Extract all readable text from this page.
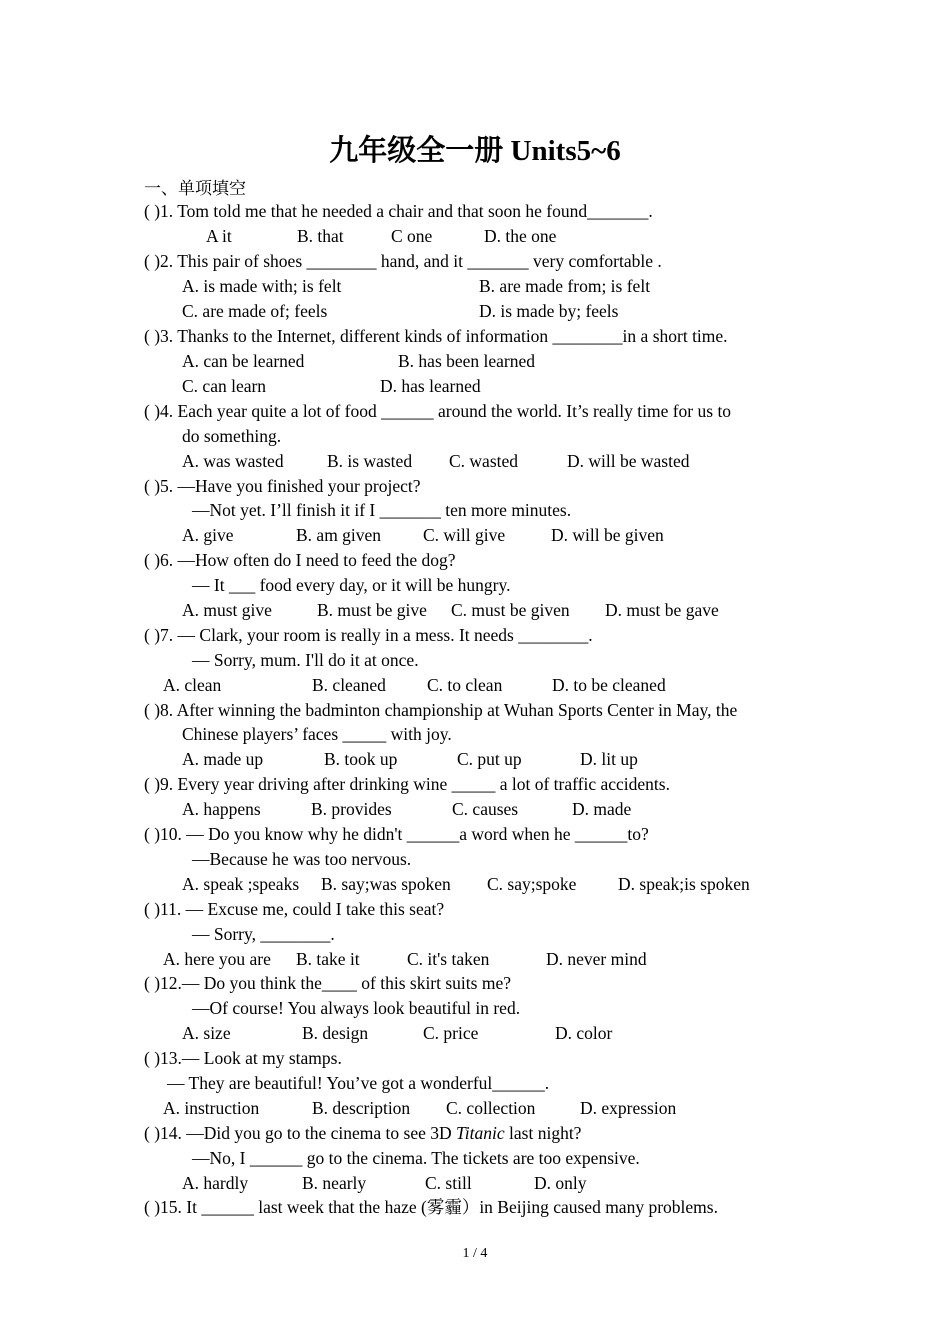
九年级全一册 Units5~6
一、单项填空
( )1. Tom told me that he needed a chair and that soon he found_______.
A it	B. that	C one	D. the one
( )2. This pair of shoes ________ hand, and it _______ very comfortable .
A. is made with; is felt	B. are made from; is felt
C. are made of; feels	D. is made by; feels
( )3. Thanks to the Internet, different kinds of information ________in a short time.
A. can be learned	B. has been learned
C. can learn	D. has learned
( )4. Each year quite a lot of food ______ around the world. It’s really time for us to
do something.
A. was wasted B. is wasted C. wasted	D. will be wasted
( )5. —Have you finished your project?
—Not yet. I’ll finish it if I _______ ten more minutes.
A. give	B. am given C. will give	D. will be given
( )6. —How often do I need to feed the dog?
— It ___ food every day, or it will be hungry.
A. must give	B. must be give C. must be given D. must be gave
( )7. — Clark, your room is really in a mess. It needs ________.
— Sorry, mum. I'll do it at once.
A. clean	B. cleaned C. to clean	D. to be cleaned
( )8. After winning the badminton championship at Wuhan Sports Center in May, the
Chinese players’ faces _____ with joy.
A. made up	B. took up	C. put up	D. lit up
( )9. Every year driving after drinking wine _____ a lot of traffic accidents.
A. happens	B. provides	C. causes	D. made
( )10. — Do you know why he didn't ______a word when he ______to?
—Because he was too nervous.
A. speak ;speaks B. say;was spoken C. say;spoke D. speak;is spoken
( )11. — Excuse me, could I take this seat?
— Sorry, ________.
A. here you are B. take it	C. it's taken	D. never mind
( )12.— Do you think the____ of this skirt suits me?
—Of course! You always look beautiful in red.
A. size	B. design	C. price	D. color
( )13.— Look at my stamps.
— They are beautiful! You’ve got a wonderful______.
A. instruction	B. description C. collection	D. expression
( )14. —Did you go to the cinema to see 3D Titanic last night?
—No, I ______ go to the cinema. The tickets are too expensive.
A. hardly	B. nearly	C. still	D. only
( )15. It ______ last week that the haze (雾霾）in Beijing caused many problems.
1 / 4
